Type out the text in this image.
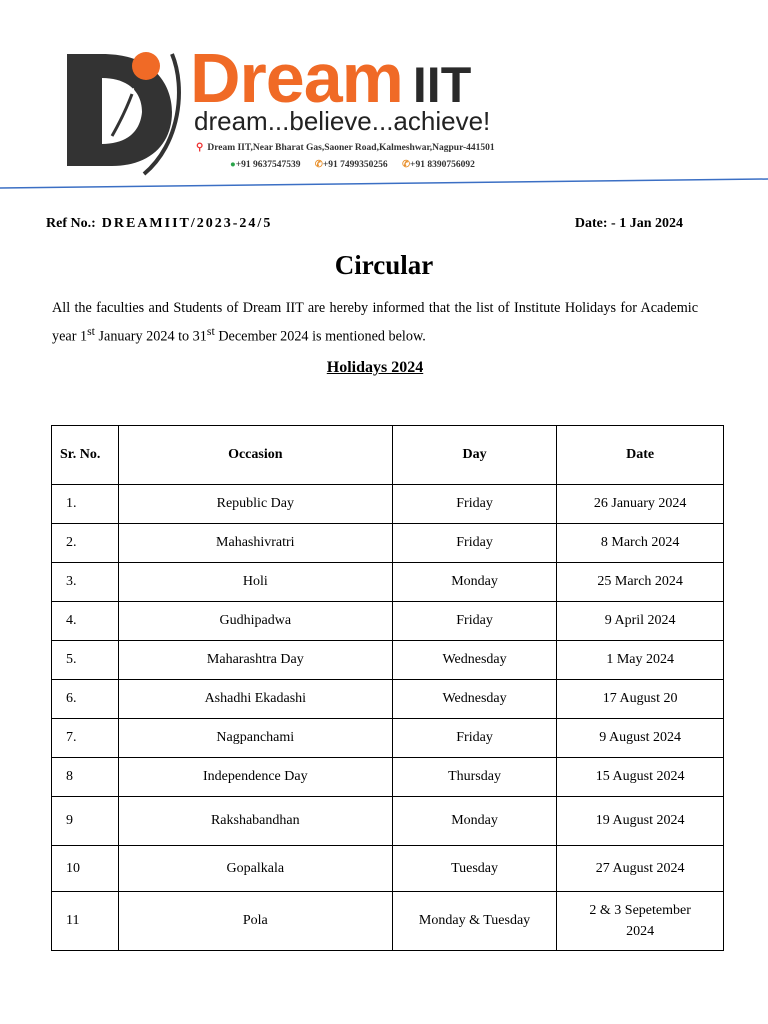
Dream IIT
dream...believe...achieve!
⚲ Dream IIT,Near Bharat Gas,Saoner Road,Kalmeshwar,Nagpur-441501
●+91 9637547539 ✆+91 7499350256 ✆+91 8390756092
Ref No.: DREAMIIT/2023-24/5	Date: - 1 Jan 2024
Circular
All the faculties and Students of Dream IIT are hereby informed that the list of Institute Holidays for Academic year 1st January 2024 to 31st December 2024 is mentioned below.
Holidays 2024
Sr. No.	Occasion	Day	Date
1.	Republic Day	Friday	26 January 2024
2.	Mahashivratri	Friday	8 March 2024
3.	Holi	Monday	25 March 2024
4.	Gudhipadwa	Friday	9 April 2024
5.	Maharashtra Day	Wednesday	1 May 2024
6.	Ashadhi Ekadashi	Wednesday	17 August 20
7.	Nagpanchami	Friday	9 August 2024
8	Independence Day	Thursday	15 August 2024
9	Rakshabandhan	Monday	19 August 2024
10	Gopalkala	Tuesday	27 August 2024
11	Pola	Monday & Tuesday	2 & 3 Sepetember 2024
